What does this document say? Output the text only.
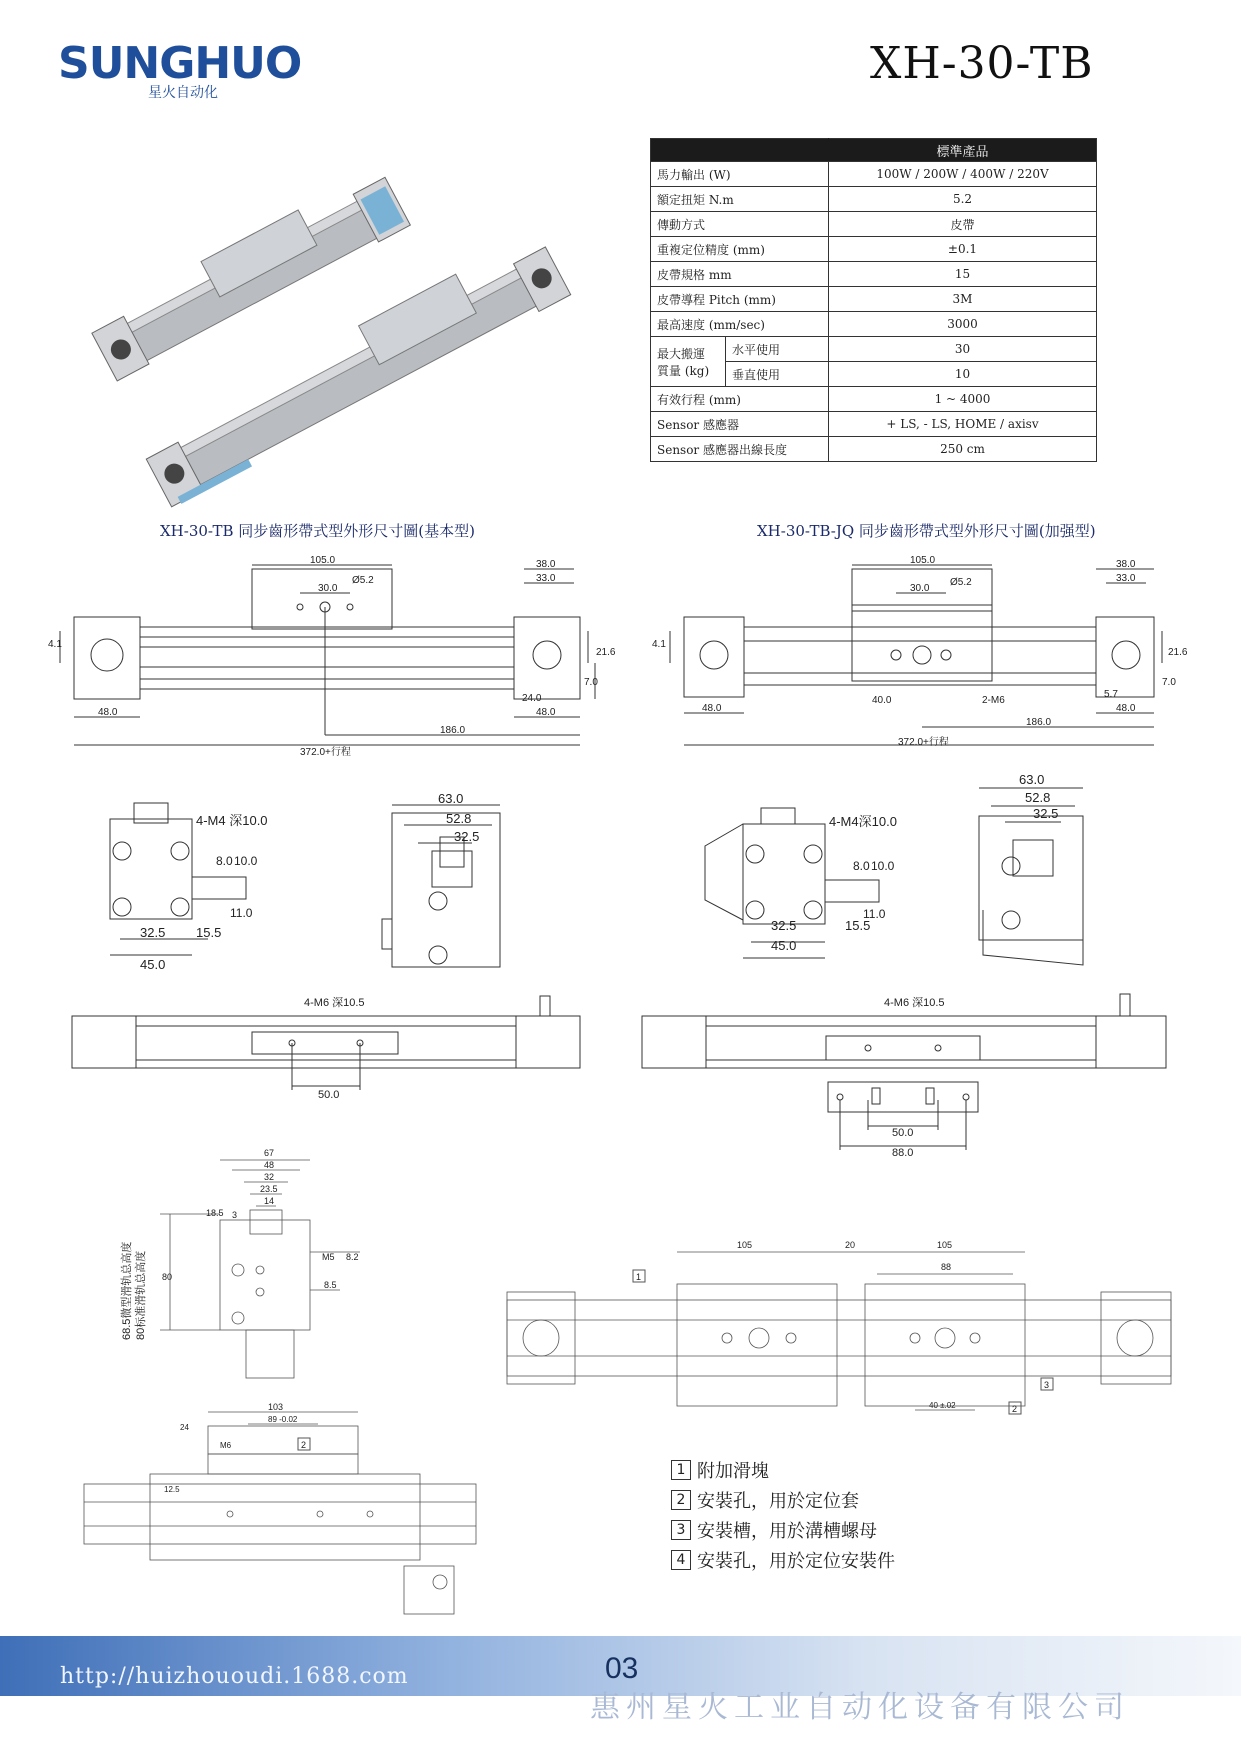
SUNGHUO
星火自动化
XH-30-TB
		標準產品
馬力輸出 (W)		100W / 200W / 400W / 220V
額定扭矩 N.m		5.2
傳動方式		皮帶
重複定位精度 (mm)		±0.1
皮帶規格 mm		15
皮帶導程 Pitch (mm)		3M
最高速度 (mm/sec)		3000
最大搬運 質量 (kg)	水平使用	30
	垂直使用	10
有效行程 (mm)		1 ~ 4000
Sensor 感應器		+ LS, - LS, HOME / axisv
Sensor 感應器出線長度		250 cm
XH-30-TB 同步齒形帶式型外形尺寸圖(基本型)	XH-30-TB-JQ 同步齒形帶式型外形尺寸圖(加强型)
105.0	38.0
33.0
30.0
Ø5.2
4.1
21.6
7.0
48.0
24.0
48.0
186.0
372.0+行程
105.0	38.0
33.0
30.0
Ø5.2
4.1
21.6
7.0
48.0
5.7
48.0
40.0	2-M6
186.0
372.0+行程
4-M4 深10.0
8.0 10.0
11.0
32.5 15.5
45.0
63.0
52.8
32.5
4-M4深10.0
8.0 10.0
11.0
32.5	15.5
45.0
63.0
52.8
32.5
4-M6 深10.5
50.0
4-M6 深10.5
50.0
88.0
67
48
32
23.5
14
18.5 3
80
8.5
M5 8.2
68.5微型滑轨总高度 80标准滑轨总高度
105	20	105
88
40 ±.02
1
3
2
103
89 -0.02
24
M6
12.5
2
1 附加滑塊
2 安裝孔，用於定位套
3 安裝槽，用於溝槽螺母
4 安裝孔，用於定位安裝件
http://huizhououdi.1688.com	03
惠州星火工业自动化设备有限公司
